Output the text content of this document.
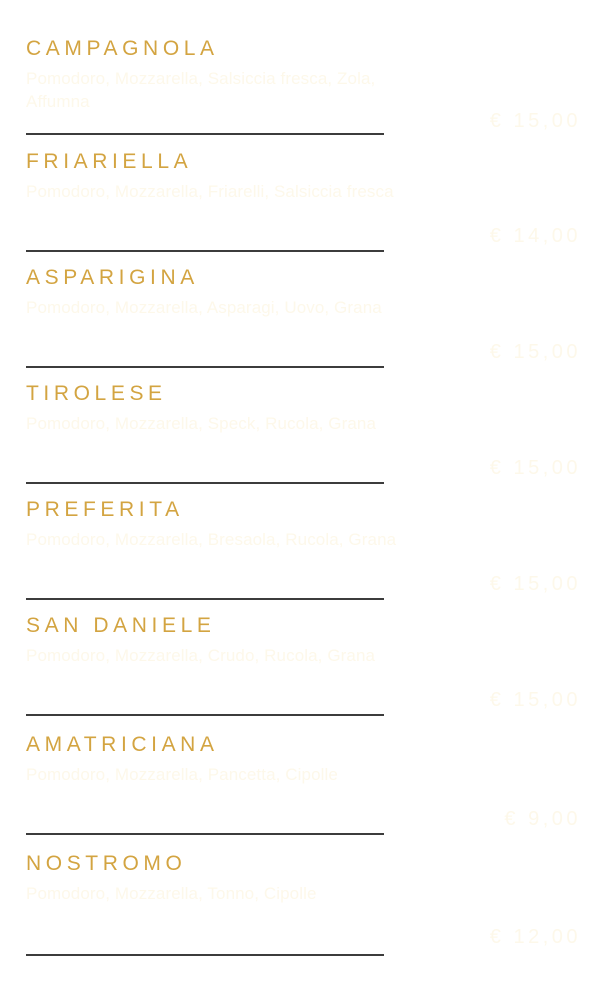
CAMPAGNOLA
Pomodoro, Mozzarella, Salsiccia fresca, Zola, Affumna
€ 15,00
FRIARIELLA
Pomodoro, Mozzarella, Friarelli, Salsiccia fresca
€ 14,00
ASPARIGINA
Pomodoro, Mozzarella, Asparagi, Uovo, Grana
€ 15,00
TIROLESE
Pomodoro, Mozzarella, Speck, Rucola, Grana
€ 15,00
PREFERITA
Pomodoro, Mozzarella, Bresaola, Rucola, Grana
€ 15,00
SAN DANIELE
Pomodoro, Mozzarella, Crudo, Rucola, Grana
€ 15,00
AMATRICIANA
Pomodoro, Mozzarella, Pancetta, Cipolle
€ 9,00
NOSTROMO
Pomodoro, Mozzarella, Tonno, Cipolle
€ 12,00
